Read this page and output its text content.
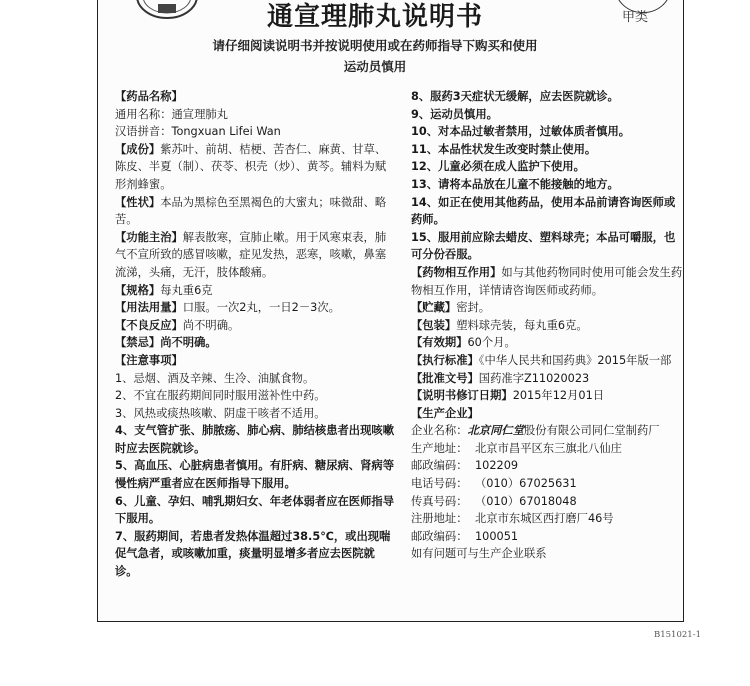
甲类
通宣理肺丸说明书
请仔细阅读说明书并按说明使用或在药师指导下购买和使用
运动员慎用

【药品名称】

通用名称：通宣理肺丸

汉语拼音：Tongxuan Lifei Wan

【成份】紫苏叶、前胡、桔梗、苦杏仁、麻黄、甘草、陈皮、半夏（制）、茯苓、枳壳（炒）、黄芩。辅料为赋形剂蜂蜜。

【性状】本品为黑棕色至黑褐色的大蜜丸；味微甜、略苦。

【功能主治】解表散寒，宣肺止嗽。用于风寒束表，肺气不宣所致的感冒咳嗽，症见发热，恶寒，咳嗽，鼻塞流涕，头痛，无汗，肢体酸痛。

【规格】每丸重6克

【用法用量】口服。一次2丸，一日2－3次。

【不良反应】尚不明确。

【禁忌】尚不明确。

【注意事项】

1、忌烟、酒及辛辣、生冷、油腻食物。

2、不宜在服药期间同时服用滋补性中药。

3、风热或痰热咳嗽、阴虚干咳者不适用。

4、支气管扩张、肺脓疡、肺心病、肺结核患者出现咳嗽时应去医院就诊。

5、高血压、心脏病患者慎用。有肝病、糖尿病、肾病等慢性病严重者应在医师指导下服用。

6、儿童、孕妇、哺乳期妇女、年老体弱者应在医师指导下服用。

7、服药期间，若患者发热体温超过38.5℃，或出现喘促气急者，或咳嗽加重，痰量明显增多者应去医院就诊。

8、服药3天症状无缓解，应去医院就诊。

9、运动员慎用。

10、对本品过敏者禁用，过敏体质者慎用。

11、本品性状发生改变时禁止使用。

12、儿童必须在成人监护下使用。

13、请将本品放在儿童不能接触的地方。

14、如正在使用其他药品，使用本品前请咨询医师或药师。

15、服用前应除去蜡皮、塑料球壳；本品可嚼服，也可分份吞服。

【药物相互作用】如与其他药物同时使用可能会发生药物相互作用，详情请咨询医师或药师。

【贮藏】密封。

【包装】塑料球壳装，每丸重6克。

【有效期】60个月。

【执行标准】《中华人民共和国药典》2015年版一部

【批准文号】国药准字Z11020023

【说明书修订日期】2015年12月01日

【生产企业】

企业名称：北京同仁堂股份有限公司同仁堂制药厂

生产地址： 北京市昌平区东三旗北八仙庄
邮政编码： 102209
电话号码： （010）67025631
传真号码： （010）67018048
注册地址： 北京市东城区西打磨厂46号
邮政编码： 100051

如有问题可与生产企业联系

B151021-1
